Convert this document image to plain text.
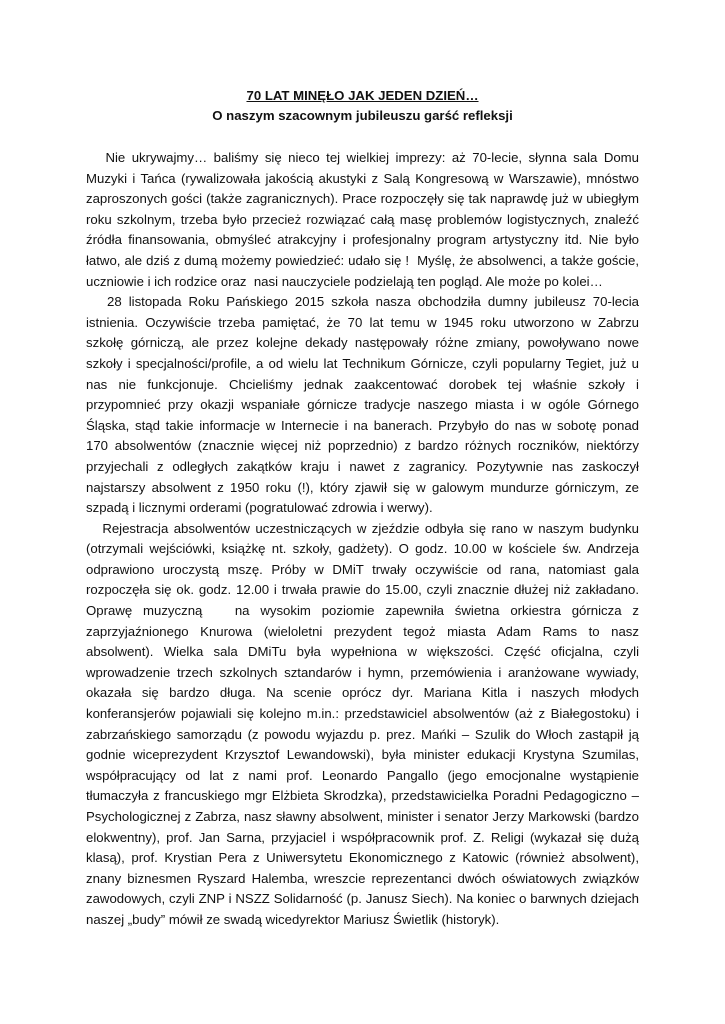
70 LAT MINĘŁO JAK JEDEN DZIEŃ…

O naszym szacownym jubileuszu garść refleksji

Nie ukrywajmy… baliśmy się nieco tej wielkiej imprezy: aż 70-lecie, słynna sala Domu
Muzyki i Tańca (rywalizowała jakością akustyki z Salą Kongresową w Warszawie), mnóstwo
zaproszonych gości (także zagranicznych). Prace rozpoczęły się tak naprawdę już w ubiegłym
roku szkolnym, trzeba było przecież rozwiązać całą masę problemów logistycznych, znaleźć
źródła finansowania, obmyśleć atrakcyjny i profesjonalny program artystyczny itd. Nie było
łatwo, ale dziś z dumą możemy powiedzieć: udało się !  Myślę, że absolwenci, a także goście,
uczniowie i ich rodzice oraz  nasi nauczyciele podzielają ten pogląd. Ale może po kolei…
28 listopada Roku Pańskiego 2015 szkoła nasza obchodziła dumny jubileusz 70-lecia
istnienia. Oczywiście trzeba pamiętać, że 70 lat temu w 1945 roku utworzono w Zabrzu
szkołę górniczą, ale przez kolejne dekady następowały różne zmiany, powoływano nowe
szkoły i specjalności/profile, a od wielu lat Technikum Górnicze, czyli popularny Tegiet, już u
nas nie funkcjonuje. Chcieliśmy jednak zaakcentować dorobek tej właśnie szkoły i
przypomnieć przy okazji wspaniałe górnicze tradycje naszego miasta i w ogóle Górnego
Śląska, stąd takie informacje w Internecie i na banerach. Przybyło do nas w sobotę ponad
170 absolwentów (znacznie więcej niż poprzednio) z bardzo różnych roczników, niektórzy
przyjechali z odległych zakątków kraju i nawet z zagranicy. Pozytywnie nas zaskoczył
najstarszy absolwent z 1950 roku (!), który zjawił się w galowym mundurze górniczym, ze
szpadą i licznymi orderami (pogratulować zdrowia i werwy).
Rejestracja absolwentów uczestniczących w zjeździe odbyła się rano w naszym budynku
(otrzymali wejściówki, książkę nt. szkoły, gadżety). O godz. 10.00 w kościele św. Andrzeja
odprawiono uroczystą mszę. Próby w DMiT trwały oczywiście od rana, natomiast gala
rozpoczęła się ok. godz. 12.00 i trwała prawie do 15.00, czyli znacznie dłużej niż zakładano.
Oprawę muzyczną   na wysokim poziomie zapewniła świetna orkiestra górnicza z
zaprzyjaźnionego Knurowa (wieloletni prezydent tegoż miasta Adam Rams to nasz
absolwent). Wielka sala DMiTu była wypełniona w większości. Część oficjalna, czyli
wprowadzenie trzech szkolnych sztandarów i hymn, przemówienia i aranżowane wywiady,
okazała się bardzo długa. Na scenie oprócz dyr. Mariana Kitla i naszych młodych
konferansjerów pojawiali się kolejno m.in.: przedstawiciel absolwentów (aż z Białegostoku) i
zabrzańskiego samorządu (z powodu wyjazdu p. prez. Mańki – Szulik do Włoch zastąpił ją
godnie wiceprezydent Krzysztof Lewandowski), była minister edukacji Krystyna Szumilas,
współpracujący od lat z nami prof. Leonardo Pangallo (jego emocjonalne wystąpienie
tłumaczyła z francuskiego mgr Elżbieta Skrodzka), przedstawicielka Poradni Pedagogiczno –
Psychologicznej z Zabrza, nasz sławny absolwent, minister i senator Jerzy Markowski (bardzo
elokwentny), prof. Jan Sarna, przyjaciel i współpracownik prof. Z. Religi (wykazał się dużą
klasą), prof. Krystian Pera z Uniwersytetu Ekonomicznego z Katowic (również absolwent),
znany biznesmen Ryszard Halemba, wreszcie reprezentanci dwóch oświatowych związków
zawodowych, czyli ZNP i NSZZ Solidarność (p. Janusz Siech). Na koniec o barwnych dziejach
naszej „budy” mówił ze swadą wicedyrektor Mariusz Świetlik (historyk).
